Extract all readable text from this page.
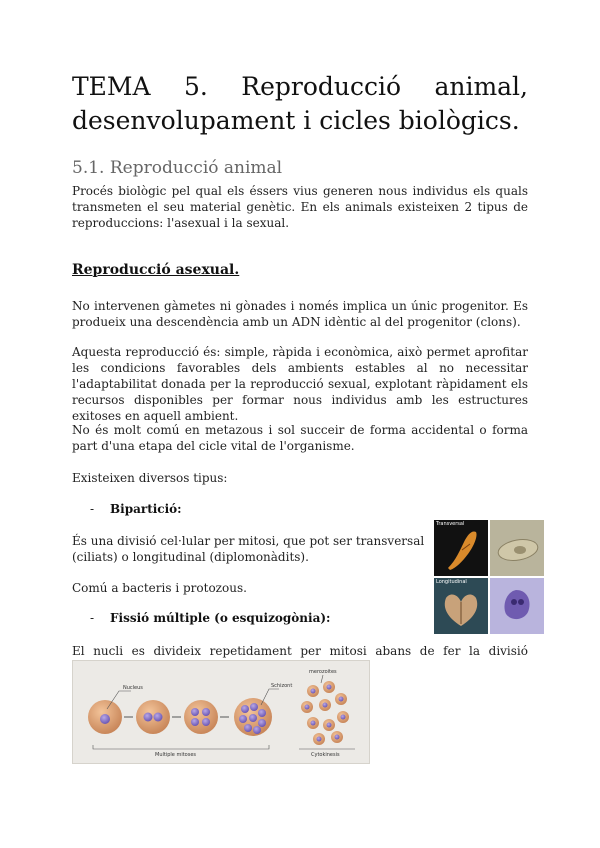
TEMA 5. Reproducció animal,
desenvolupament i cicles biològics.
5.1. Reproducció animal

Procés biològic pel qual els éssers vius generen nous individus els quals transmeten el seu material genètic. En els animals existeixen 2 tipus de reproduccions: l'asexual i la sexual.

Reproducció asexual.

No intervenen gàmetes ni gònades i només implica un únic progenitor. Es produeix una descendència amb un ADN idèntic al del progenitor (clons).

Aquesta reproducció és: simple, ràpida i econòmica, això permet aprofitar les condicions favorables dels ambients estables al no necessitar l'adaptabilitat donada per la reproducció sexual, explotant ràpidament els recursos disponibles per formar nous individus amb les estructures exitoses en aquell ambient.

No és molt comú en metazous i sol succeir de forma accidental o forma part d'una etapa del cicle vital de l'organisme.

Existeixen diversos tipus:

- Bipartició:

És una divisió cel·lular per mitosi, que pot ser transversal (ciliats) o longitudinal (diplomonàdits).

Comú a bacteris i protozous.

- Fissió múltiple (o esquizogònia):

El nucli es divideix repetidament per mitosi abans de fer la divisió

Transversal
Longitudinal
Nucleus	Schizont
merozoites
Multiple mitoses	Cytokinesis
